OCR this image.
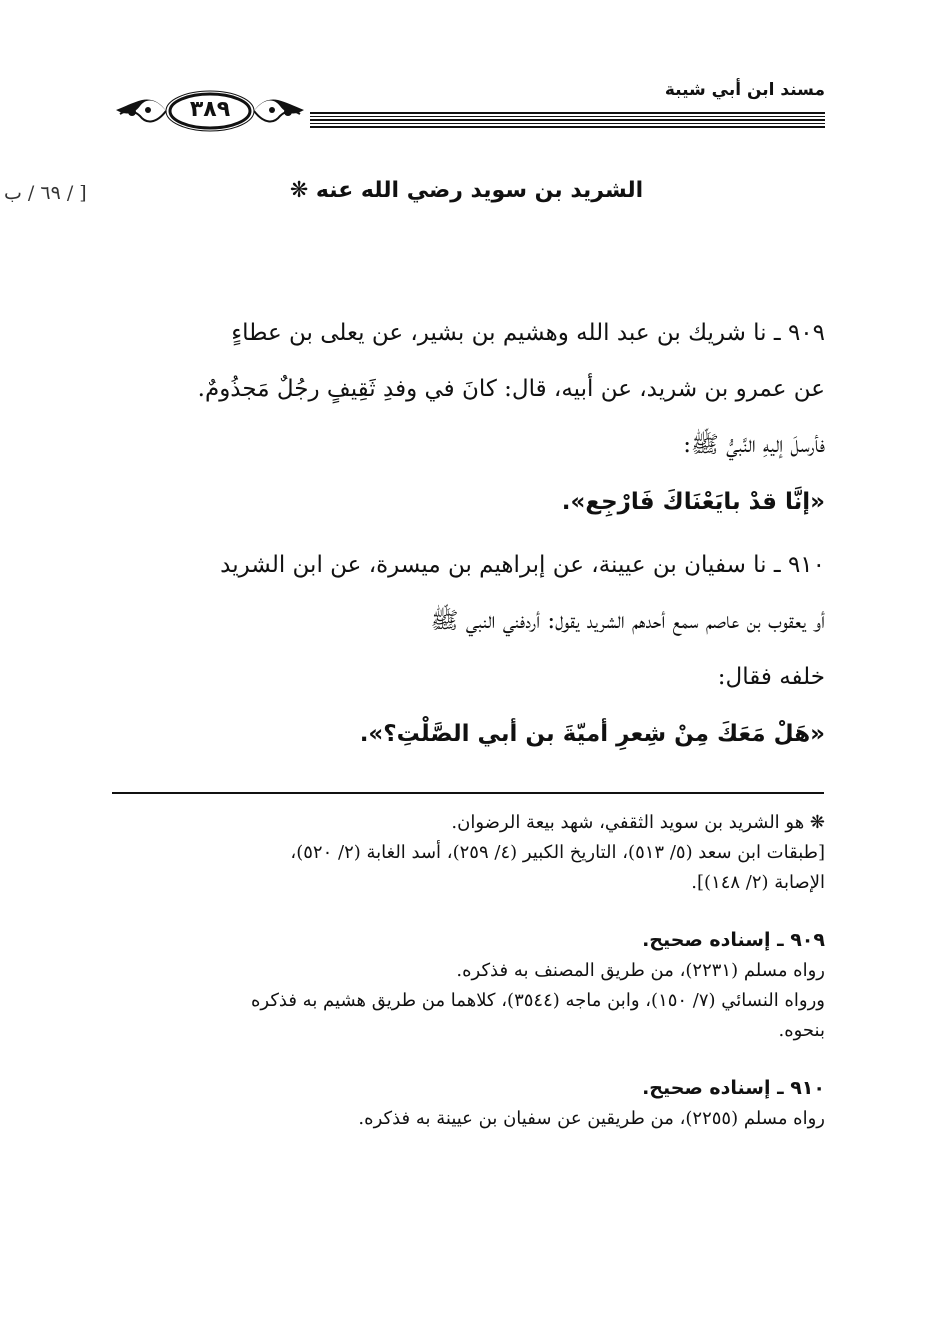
مسند ابن أبي شيبة
٣٨٩
[ / ٦٩ / ب	الشريد بن سويد رضي الله عنه ❋
٩٠٩ ـ نا شريك بن عبد الله وهشيم بن بشير، عن يعلى بن عطاءٍ
عن عمرو بن شريد، عن أبيه، قال: كانَ في وفدِ ثَقِيفٍ رجُلٌ مَجذُومٌ.
فأرسلَ إليهِ النَّبيُّ ﷺ:
«إنَّا قدْ بايَعْنَاكَ فَارْجِع».
٩١٠ ـ نا سفيان بن عيينة، عن إبراهيم بن ميسرة، عن ابن الشريد
أو يعقوب بن عاصم سمع أحدهم الشريد يقول: أردفني النبي ﷺ
خلفه فقال:
«هَلْ مَعَكَ مِنْ شِعرِ أميّةَ بن أبي الصَّلْتِ؟».
❋ هو الشريد بن سويد الثقفي، شهد بيعة الرضوان.
[طبقات ابن سعد (٥/ ٥١٣)، التاريخ الكبير (٤/ ٢٥٩)، أسد الغابة (٢/ ٥٢٠)،
الإصابة (٢/ ١٤٨)].
٩٠٩ ـ إسناده صحيح.
رواه مسلم (٢٢٣١)، من طريق المصنف به فذكره.
ورواه النسائي (٧/ ١٥٠)، وابن ماجه (٣٥٤٤)، كلاهما من طريق هشيم به فذكره
بنحوه.
٩١٠ ـ إسناده صحيح.
رواه مسلم (٢٢٥٥)، من طريقين عن سفيان بن عيينة به فذكره.
